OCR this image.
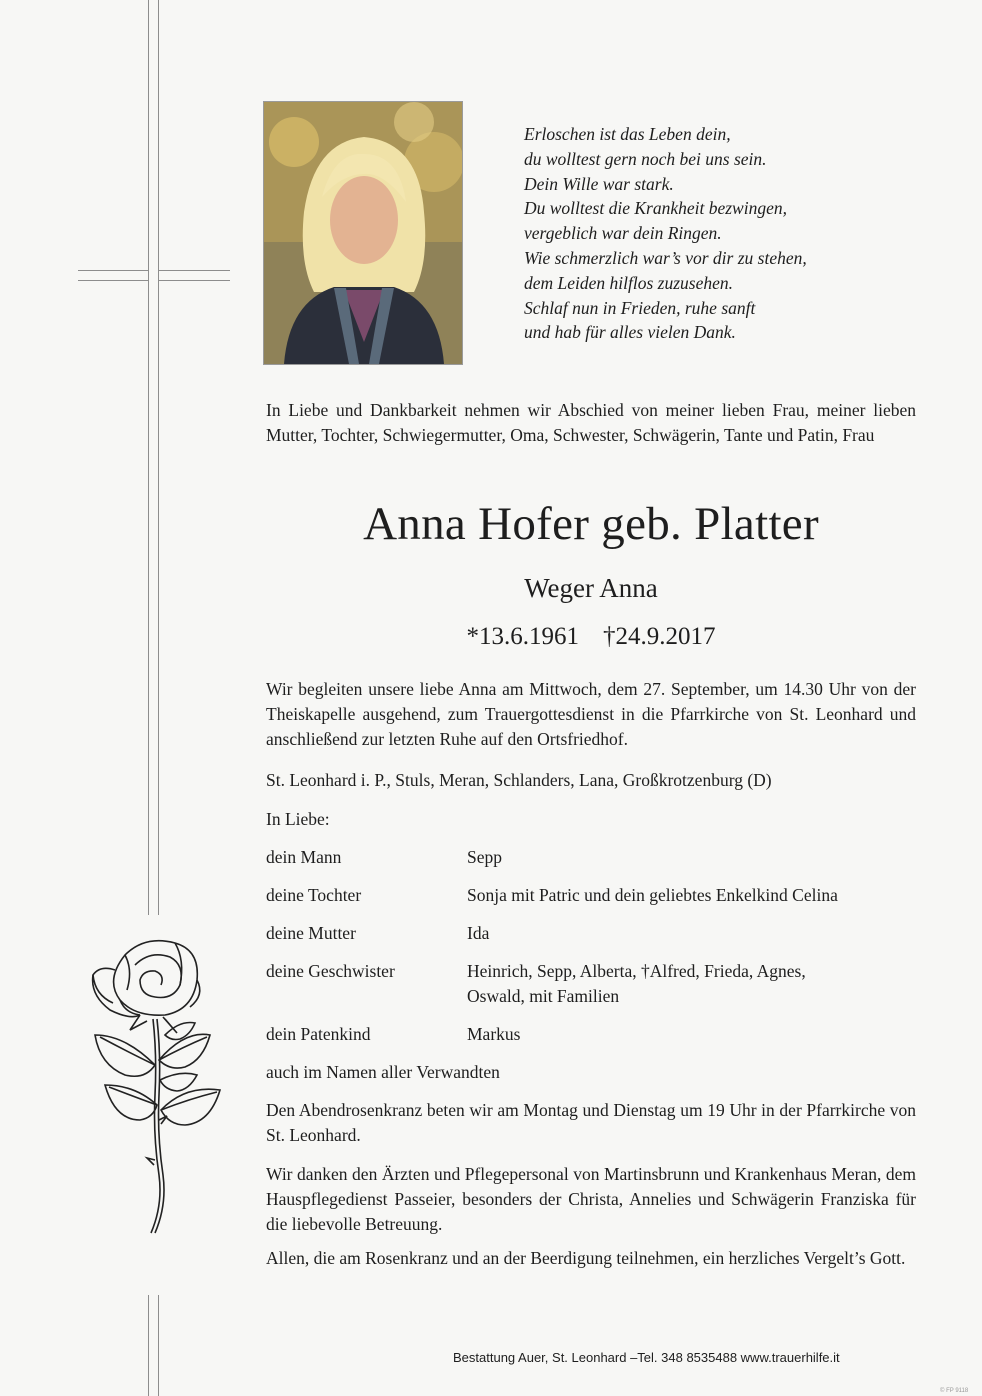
Erloschen ist das Leben dein,
du wolltest gern noch bei uns sein.
Dein Wille war stark.
Du wolltest die Krankheit bezwingen,
vergeblich war dein Ringen.
Wie schmerzlich war’s vor dir zu stehen,
dem Leiden hilflos zuzusehen.
Schlaf nun in Frieden, ruhe sanft
und hab für alles vielen Dank.
In Liebe und Dankbarkeit nehmen wir Abschied von meiner lieben Frau, meiner lieben Mutter, Tochter, Schwiegermutter, Oma, Schwester, Schwägerin, Tante und Patin, Frau
Anna Hofer geb. Platter
Weger Anna
*13.6.1961 †24.9.2017
Wir begleiten unsere liebe Anna am Mittwoch, dem 27. September, um 14.30 Uhr von der Theiskapelle ausgehend, zum Trauergottesdienst in die Pfarrkirche von St. Leonhard und anschließend zur letzten Ruhe auf den Ortsfriedhof.
St. Leonhard i. P., Stuls, Meran, Schlanders, Lana, Großkrotzenburg (D)
In Liebe:
dein Mann	Sepp
deine Tochter	Sonja mit Patric und dein geliebtes Enkelkind Celina
deine Mutter	Ida
deine Geschwister	Heinrich, Sepp, Alberta, †Alfred, Frieda, Agnes, Oswald, mit Familien
dein Patenkind	Markus
auch im Namen aller Verwandten
Den Abendrosenkranz beten wir am Montag und Dienstag um 19 Uhr in der Pfarrkirche von St. Leonhard.
Wir danken den Ärzten und Pflegepersonal von Martinsbrunn und Krankenhaus Meran, dem Hauspflegedienst Passeier, besonders der Christa, Annelies und Schwägerin Franziska für die liebevolle Betreuung.
Allen, die am Rosenkranz und an der Beerdigung teilnehmen, ein herzliches Vergelt’s Gott.
Bestattung Auer, St. Leonhard –Tel. 348 8535488 www.trauerhilfe.it
© FP 9118
